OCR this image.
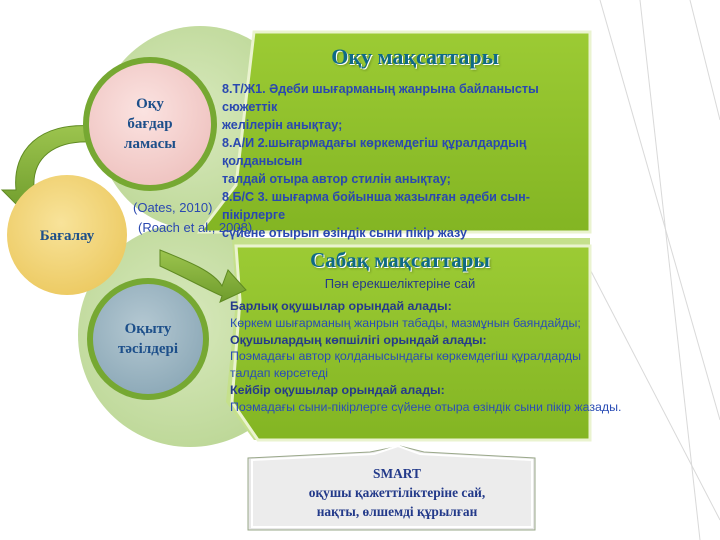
Оқу
бағдар
ламасы
Бағалау
Оқыту
тәсілдері
Оқу мақсаттары

8.Т/Ж1. Әдеби шығарманың жанрына байланысты сюжеттік

желілерін анықтау;

8.А/И 2.шығармадағы көркемдегіш құралдардың қолданысын

талдай отыра автор стилін анықтау;

8.Б/С 3. шығарма бойынша жазылған әдеби сын-пікірлерге

сүйене отырып өзіндік сыни пікір жазу

(Oates, 2010)
(Roach et al., 2008)
Сабақ мақсаттары
Пән ерекшеліктеріне сай

Барлық оқушылар орындай алады:

Көркем шығарманың жанрын табады, мазмұнын баяндайды;

Оқушылардың көпшілігі орындай алады:

Поэмадағы автор қолданысындағы көркемдегіш құралдарды

талдап көрсетеді

Кейбір оқушылар орындай алады:

Поэмадағы сыни-пікірлерге сүйене отыра өзіндік сыни пікір жазады.

SMART

оқушы қажеттіліктеріне сай,

нақты, өлшемді құрылған
